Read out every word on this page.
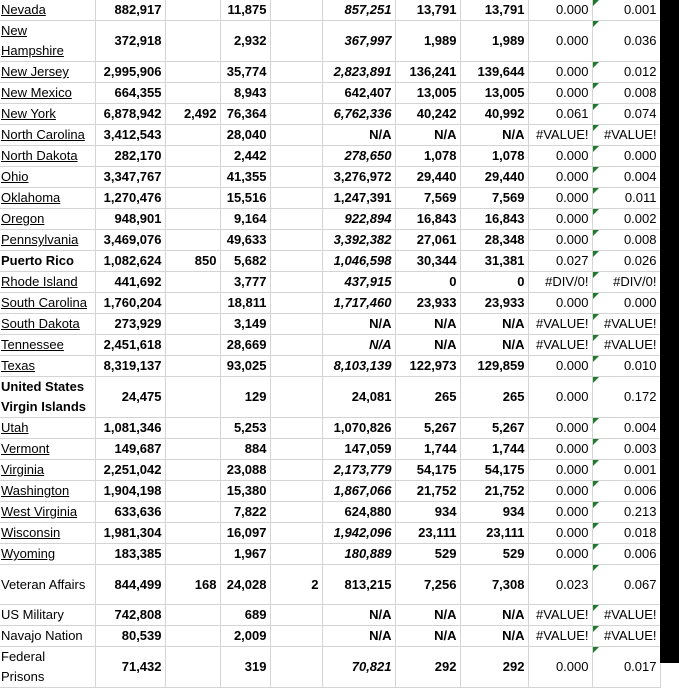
Nevada	882,917		11,875		857,251	13,791	13,791	0.000	0.001
New Hampshire	372,918		2,932		367,997	1,989	1,989	0.000	0.036
New Jersey	2,995,906		35,774		2,823,891	136,241	139,644	0.000	0.012
New Mexico	664,355		8,943		642,407	13,005	13,005	0.000	0.008
New York	6,878,942	2,492	76,364		6,762,336	40,242	40,992	0.061	0.074
North Carolina	3,412,543		28,040		N/A	N/A	N/A	#VALUE!	#VALUE!
North Dakota	282,170		2,442		278,650	1,078	1,078	0.000	0.000
Ohio	3,347,767		41,355		3,276,972	29,440	29,440	0.000	0.004
Oklahoma	1,270,476		15,516		1,247,391	7,569	7,569	0.000	0.011
Oregon	948,901		9,164		922,894	16,843	16,843	0.000	0.002
Pennsylvania	3,469,076		49,633		3,392,382	27,061	28,348	0.000	0.008
Puerto Rico	1,082,624	850	5,682		1,046,598	30,344	31,381	0.027	0.026
Rhode Island	441,692		3,777		437,915	0	0	#DIV/0!	#DIV/0!
South Carolina	1,760,204		18,811		1,717,460	23,933	23,933	0.000	0.000
South Dakota	273,929		3,149		N/A	N/A	N/A	#VALUE!	#VALUE!
Tennessee	2,451,618		28,669		N/A	N/A	N/A	#VALUE!	#VALUE!
Texas	8,319,137		93,025		8,103,139	122,973	129,859	0.000	0.010
United States Virgin Islands	24,475		129		24,081	265	265	0.000	0.172
Utah	1,081,346		5,253		1,070,826	5,267	5,267	0.000	0.004
Vermont	149,687		884		147,059	1,744	1,744	0.000	0.003
Virginia	2,251,042		23,088		2,173,779	54,175	54,175	0.000	0.001
Washington	1,904,198		15,380		1,867,066	21,752	21,752	0.000	0.006
West Virginia	633,636		7,822		624,880	934	934	0.000	0.213
Wisconsin	1,981,304		16,097		1,942,096	23,111	23,111	0.000	0.018
Wyoming	183,385		1,967		180,889	529	529	0.000	0.006
Veteran Affairs	844,499	168	24,028	2	813,215	7,256	7,308	0.023	0.067
US Military	742,808		689		N/A	N/A	N/A	#VALUE!	#VALUE!
Navajo Nation	80,539		2,009		N/A	N/A	N/A	#VALUE!	#VALUE!
Federal Prisons	71,432		319		70,821	292	292	0.000	0.017
